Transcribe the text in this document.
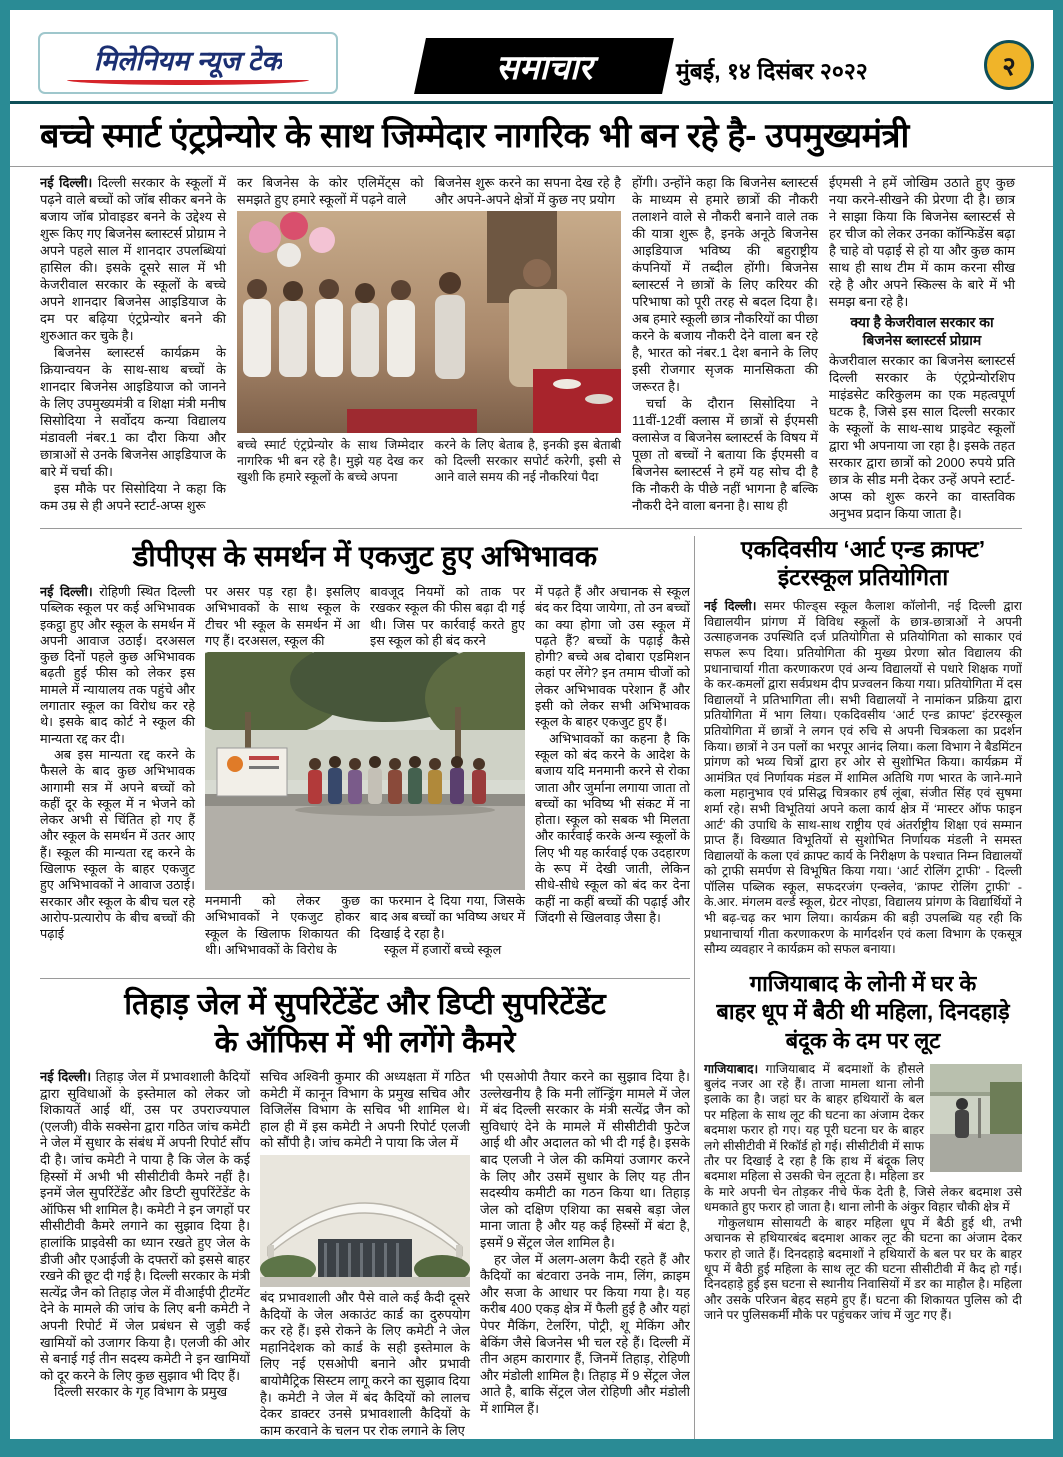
मिलेनियम न्यूज टेक	समाचार	मुंबई, १४ दिसंबर २०२२	२
बच्चे स्मार्ट एंट्रप्रेन्योर के साथ जिम्मेदार नागरिक भी बन रहे है- उपमुख्यमंत्री

नई दिल्ली। दिल्ली सरकार के स्कूलों में पढ़ने वाले बच्चों को जॉब सीकर बनने के बजाय जॉब प्रोवाइडर बनने के उद्देश्य से शुरू किए गए बिजनेस ब्लास्टर्स प्रोग्राम ने अपने पहले साल में शानदार उपलब्धियां हासिल की। इसके दूसरे साल में भी केजरीवाल सरकार के स्कूलों के बच्चे अपने शानदार बिजनेस आइडियाज के दम पर बढ़िया एंट्रप्रेन्योर बनने की शुरुआत कर चुके है।

बिजनेस ब्लास्टर्स कार्यक्रम के क्रियान्वयन के साथ-साथ बच्चों के शानदार बिजनेस आइडियाज को जानने के लिए उपमुख्यमंत्री व शिक्षा मंत्री मनीष सिसोदिया ने सर्वोदय कन्या विद्यालय मंडावली नंबर.1 का दौरा किया और छात्राओं से उनके बिजनेस आइडियाज के बारे में चर्चा की।

इस मौके पर सिसोदिया ने कहा कि कम उम्र से ही अपने स्टार्ट-अप्स शुरू

कर बिजनेस के कोर एलिमेंट्स को समझते हुए हमारे स्कूलों में पढ़ने वाले
बिजनेस शुरू करने का सपना देख रहे है और अपने-अपने क्षेत्रों में कुछ नए प्रयोग
बच्चे स्मार्ट एंट्रप्रेन्योर के साथ जिम्मेदार नागरिक भी बन रहे है। मुझे यह देख कर खुशी कि हमारे स्कूलों के बच्चे अपना
करने के लिए बेताब है, इनकी इस बेताबी को दिल्ली सरकार सपोर्ट करेगी, इसी से आने वाले समय की नई नौकरियां पैदा

होंगी। उन्होंने कहा कि बिजनेस ब्लास्टर्स के माध्यम से हमारे छात्रों की नौकरी तलाशने वाले से नौकरी बनाने वाले तक की यात्रा शुरू है, इनके अनूठे बिजनेस आइडियाज भविष्य की बहुराष्ट्रीय कंपनियों में तब्दील होंगी। बिजनेस ब्लास्टर्स ने छात्रों के लिए करियर की परिभाषा को पूरी तरह से बदल दिया है। अब हमारे स्कूली छात्र नौकरियों का पीछा करने के बजाय नौकरी देने वाला बन रहे है, भारत को नंबर.1 देश बनाने के लिए इसी रोजगार सृजक मानसिकता की जरूरत है।

चर्चा के दौरान सिसोदिया ने 11वीं-12वीं क्लास में छात्रों से ईएमसी क्लासेज व बिजनेस ब्लास्टर्स के विषय में पूछा तो बच्चों ने बताया कि ईएमसी व बिजनेस ब्लास्टर्स ने हमें यह सोच दी है कि नौकरी के पीछे नहीं भागना है बल्कि नौकरी देने वाला बनना है। साथ ही

ईएमसी ने हमें जोखिम उठाते हुए कुछ नया करने-सीखने की प्रेरणा दी है। छात्र ने साझा किया कि बिजनेस ब्लास्टर्स से हर चीज को लेकर उनका कॉन्फिडेंस बढ़ा है चाहे वो पढ़ाई से हो या और कुछ काम साथ ही साथ टीम में काम करना सीख रहे है और अपने स्किल्स के बारे में भी समझ बना रहे है।

क्या है केजरीवाल सरकार का बिजनेस ब्लास्टर्स प्रोग्राम

केजरीवाल सरकार का बिजनेस ब्लास्टर्स दिल्ली सरकार के एंट्रप्रेन्योरशिप माइंडसेट करिकुलम का एक महत्वपूर्ण घटक है, जिसे इस साल दिल्ली सरकार के स्कूलों के साथ-साथ प्राइवेट स्कूलों द्वारा भी अपनाया जा रहा है। इसके तहत सरकार द्वारा छात्रों को 2000 रुपये प्रति छात्र के सीड मनी देकर उन्हें अपने स्टार्ट-अप्स को शुरू करने का वास्तविक अनुभव प्रदान किया जाता है।

डीपीएस के समर्थन में एकजुट हुए अभिभावक

नई दिल्ली। रोहिणी स्थित दिल्ली पब्लिक स्कूल पर कई अभिभावक इकट्ठा हुए और स्कूल के समर्थन में अपनी आवाज उठाई। दरअसल कुछ दिनों पहले कुछ अभिभावक बढ़ती हुई फीस को लेकर इस मामले में न्यायालय तक पहुंचे और लगातार स्कूल का विरोध कर रहे थे। इसके बाद कोर्ट ने स्कूल की मान्यता रद्द कर दी।

अब इस मान्यता रद्द करने के फैसले के बाद कुछ अभिभावक आगामी सत्र में अपने बच्चों को कहीं दूर के स्कूल में न भेजने को लेकर अभी से चिंतित हो गए हैं और स्कूल के समर्थन में उतर आए हैं। स्कूल की मान्यता रद्द करने के खिलाफ स्कूल के बाहर एकजुट हुए अभिभावकों ने आवाज उठाई। सरकार और स्कूल के बीच चल रहे आरोप-प्रत्यारोप के बीच बच्चों की पढ़ाई

पर असर पड़ रहा है। इसलिए अभिभावकों के साथ स्कूल के टीचर भी स्कूल के समर्थन में आ गए हैं। दरअसल, स्कूल की
बावजूद नियमों को ताक पर रखकर स्कूल की फीस बढ़ा दी गई थी। जिस पर कार्रवाई करते हुए इस स्कूल को ही बंद करने
मनमानी को लेकर कुछ अभिभावकों ने एकजुट होकर स्कूल के खिलाफ शिकायत की थी। अभिभावकों के विरोध के

का फरमान दे दिया गया, जिसके बाद अब बच्चों का भविष्य अधर में दिखाई दे रहा है।

स्कूल में हजारों बच्चे स्कूल

में पढ़ते हैं और अचानक से स्कूल बंद कर दिया जायेगा, तो उन बच्चों का क्या होगा जो उस स्कूल में पढ़ते हैं? बच्चों के पढ़ाई कैसे होगी? बच्चे अब दोबारा एडमिशन कहां पर लेंगे? इन तमाम चीजों को लेकर अभिभावक परेशान हैं और इसी को लेकर सभी अभिभावक स्कूल के बाहर एकजुट हुए हैं।

अभिभावकों का कहना है कि स्कूल को बंद करने के आदेश के बजाय यदि मनमानी करने से रोका जाता और जुर्माना लगाया जाता तो बच्चों का भविष्य भी संकट में ना होता। स्कूल को सबक भी मिलता और कार्रवाई करके अन्य स्कूलों के लिए भी यह कार्रवाई एक उदहारण के रूप में देखी जाती, लेकिन सीधे-सीधे स्कूल को बंद कर देना कहीं ना कहीं बच्चों की पढ़ाई और जिंदगी से खिलवाड़ जैसा है।

तिहाड़ जेल में सुपरिटेंडेंट और डिप्टी सुपरिटेंडेंट
के ऑफिस में भी लगेंगे कैमरे

नई दिल्ली। तिहाड़ जेल में प्रभावशाली कैदियों द्वारा सुविधाओं के इस्तेमाल को लेकर जो शिकायतें आई थीं, उस पर उपराज्यपाल (एलजी) वीके सक्सेना द्वारा गठित जांच कमेटी ने जेल में सुधार के संबंध में अपनी रिपोर्ट सौंप दी है। जांच कमेटी ने पाया है कि जेल के कई हिस्सों में अभी भी सीसीटीवी कैमरे नहीं है। इनमें जेल सुपरिंटेंडेंट और डिप्टी सुपरिंटेंडेंट के ऑफिस भी शामिल है। कमेटी ने इन जगहों पर सीसीटीवी कैमरे लगाने का सुझाव दिया है। हालांकि प्राइवेसी का ध्यान रखते हुए जेल के डीजी और एआईजी के दफ्तरों को इससे बाहर रखने की छूट दी गई है। दिल्ली सरकार के मंत्री सत्येंद्र जैन को तिहाड़ जेल में वीआईपी ट्रीटमेंट देने के मामले की जांच के लिए बनी कमेटी ने अपनी रिपोर्ट में जेल प्रबंधन से जुड़ी कई खामियों को उजागर किया है। एलजी की ओर से बनाई गई तीन सदस्य कमेटी ने इन खामियों को दूर करने के लिए कुछ सुझाव भी दिए हैं।

दिल्ली सरकार के गृह विभाग के प्रमुख

सचिव अश्विनी कुमार की अध्यक्षता में गठित कमेटी में कानून विभाग के प्रमुख सचिव और विजिलेंस विभाग के सचिव भी शामिल थे। हाल ही में इस कमेटी ने अपनी रिपोर्ट एलजी को सौंपी है। जांच कमेटी ने पाया कि जेल में
बंद प्रभावशाली और पैसे वाले कई कैदी दूसरे कैदियों के जेल अकाउंट कार्ड का दुरुपयोग कर रहे हैं। इसे रोकने के लिए कमेटी ने जेल महानिदेशक को कार्ड के सही इस्तेमाल के लिए नई एसओपी बनाने और प्रभावी बायोमैट्रिक सिस्टम लागू करने का सुझाव दिया है। कमेटी ने जेल में बंद कैदियों को लालच देकर डाक्टर उनसे प्रभावशाली कैदियों के काम करवाने के चलन पर रोक लगाने के लिए

भी एसओपी तैयार करने का सुझाव दिया है। उल्लेखनीय है कि मनी लॉन्ड्रिंग मामले में जेल में बंद दिल्ली सरकार के मंत्री सत्येंद्र जैन को सुविधाएं देने के मामले में सीसीटीवी फुटेज आई थी और अदालत को भी दी गई है। इसके बाद एलजी ने जेल की कमियां उजागर करने के लिए और उसमें सुधार के लिए यह तीन सदस्यीय कमीटी का गठन किया था। तिहाड़ जेल को दक्षिण एशिया का सबसे बड़ा जेल माना जाता है और यह कई हिस्सों में बंटा है, इसमें 9 सेंट्रल जेल शामिल है।

हर जेल में अलग-अलग कैदी रहते हैं और कैदियों का बंटवारा उनके नाम, लिंग, क्राइम और सजा के आधार पर किया गया है। यह करीब 400 एकड़ क्षेत्र में फैली हुई है और यहां पेपर मैकिंग, टेलरिंग, पोट्री, शू मेकिंग और बेकिंग जैसे बिजनेस भी चल रहे हैं। दिल्ली में तीन अहम कारागार हैं, जिनमें तिहाड़, रोहिणी और मंडोली शामिल है। तिहाड़ में 9 सेंट्रल जेल आते है, बाकि सेंट्रल जेल रोहिणी और मंडोली में शामिल हैं।

एकदिवसीय ‘आर्ट एन्ड क्राफ्ट’
इंटरस्कूल प्रतियोगिता

नई दिल्ली। समर फील्ड्स स्कूल कैलाश कॉलोनी, नई दिल्ली द्वारा विद्यालयीन प्रांगण में विविध स्कूलों के छात्र-छात्राओं ने अपनी उत्साहजनक उपस्थिति दर्ज प्रतियोगिता से प्रतियोगिता को साकार एवं सफल रूप दिया। प्रतियोगिता की मुख्य प्रेरणा स्रोत विद्यालय की प्रधानाचार्या गीता करणाकरण एवं अन्य विद्यालयों से पधारे शिक्षक गणों के कर-कमलों द्वारा सर्वप्रथम दीप प्रज्वलन किया गया। प्रतियोगिता में दस विद्यालयों ने प्रतिभागिता ली। सभी विद्यालयों ने नामांकन प्रक्रिया द्वारा प्रतियोगिता में भाग लिया। एकदिवसीय ‘आर्ट एन्ड क्राफ्ट’ इंटरस्कूल प्रतियोगिता में छात्रों ने लगन एवं रुचि से अपनी चित्रकला का प्रदर्शन किया। छात्रों ने उन पलों का भरपूर आनंद लिया। कला विभाग ने बैडमिंटन प्रांगण को भव्य चित्रों द्वारा हर ओर से सुशोभित किया। कार्यक्रम में आमंत्रित एवं निर्णायक मंडल में शामिल अतिथि गण भारत के जाने-माने कला महानुभाव एवं प्रसिद्ध चित्रकार हर्ष लूंबा, संजीत सिंह एवं सुषमा शर्मा रहे। सभी विभूतियां अपने कला कार्य क्षेत्र में ‘मास्टर ऑफ फाइन आर्ट’ की उपाधि के साथ-साथ राष्ट्रीय एवं अंतर्राष्ट्रीय शिक्षा एवं सम्मान प्राप्त हैं। विख्यात विभूतियों से सुशोभित निर्णायक मंडली ने समस्त विद्यालयों के कला एवं क्राफ्ट कार्य के निरीक्षण के पश्चात निम्न विद्यालयों को ट्राफी समर्पण से विभूषित किया गया। ‘आर्ट रोलिंग ट्राफी’ - दिल्ली पॉलिस पब्लिक स्कूल, सफदरजंग एन्क्लेव, ‘क्राफ्ट रोलिंग ट्राफी’ - के.आर. मंगलम वर्ल्ड स्कूल, ग्रेटर नोएडा, विद्यालय प्रांगण के विद्यार्थियों ने भी बढ़-चढ़ कर भाग लिया। कार्यक्रम की बड़ी उपलब्धि यह रही कि प्रधानाचार्या गीता करणाकरण के मार्गदर्शन एवं कला विभाग के एकसूत्र सौम्य व्यवहार ने कार्यक्रम को सफल बनाया।

गाजियाबाद के लोनी में घर के
बाहर धूप में बैठी थी महिला, दिनदहाड़े
बंदूक के दम पर लूट

गाजियाबाद। गाजियाबाद में बदमाशों के हौसले बुलंद नजर आ रहे हैं। ताजा मामला थाना लोनी इलाके का है। जहां घर के बाहर हथियारों के बल पर महिला के साथ लूट की घटना का अंजाम देकर बदमाश फरार हो गए। यह पूरी घटना घर के बाहर लगे सीसीटीवी में रिकॉर्ड हो गई। सीसीटीवी में साफ तौर पर दिखाई दे रहा है कि हाथ में बंदूक लिए बदमाश महिला से उसकी चेन लूटता है। महिला डर के मारे अपनी चेन तोड़कर नीचे फेंक देती है, जिसे लेकर बदमाश उसे धमकाते हुए फरार हो जाता है। थाना लोनी के अंकुर विहार चौकी क्षेत्र में

गोकुलधाम सोसायटी के बाहर महिला धूप में बैठी हुई थी, तभी अचानक से हथियारबंद बदमाश आकर लूट की घटना का अंजाम देकर फरार हो जाते हैं। दिनदहाड़े बदमाशों ने हथियारों के बल पर घर के बाहर धूप में बैठी हुई महिला के साथ लूट की घटना सीसीटीवी में कैद हो गई। दिनदहाड़े हुई इस घटना से स्थानीय निवासियों में डर का माहौल है। महिला और उसके परिजन बेहद सहमे हुए हैं। घटना की शिकायत पुलिस को दी जाने पर पुलिसकर्मी मौके पर पहुंचकर जांच में जुट गए हैं।
